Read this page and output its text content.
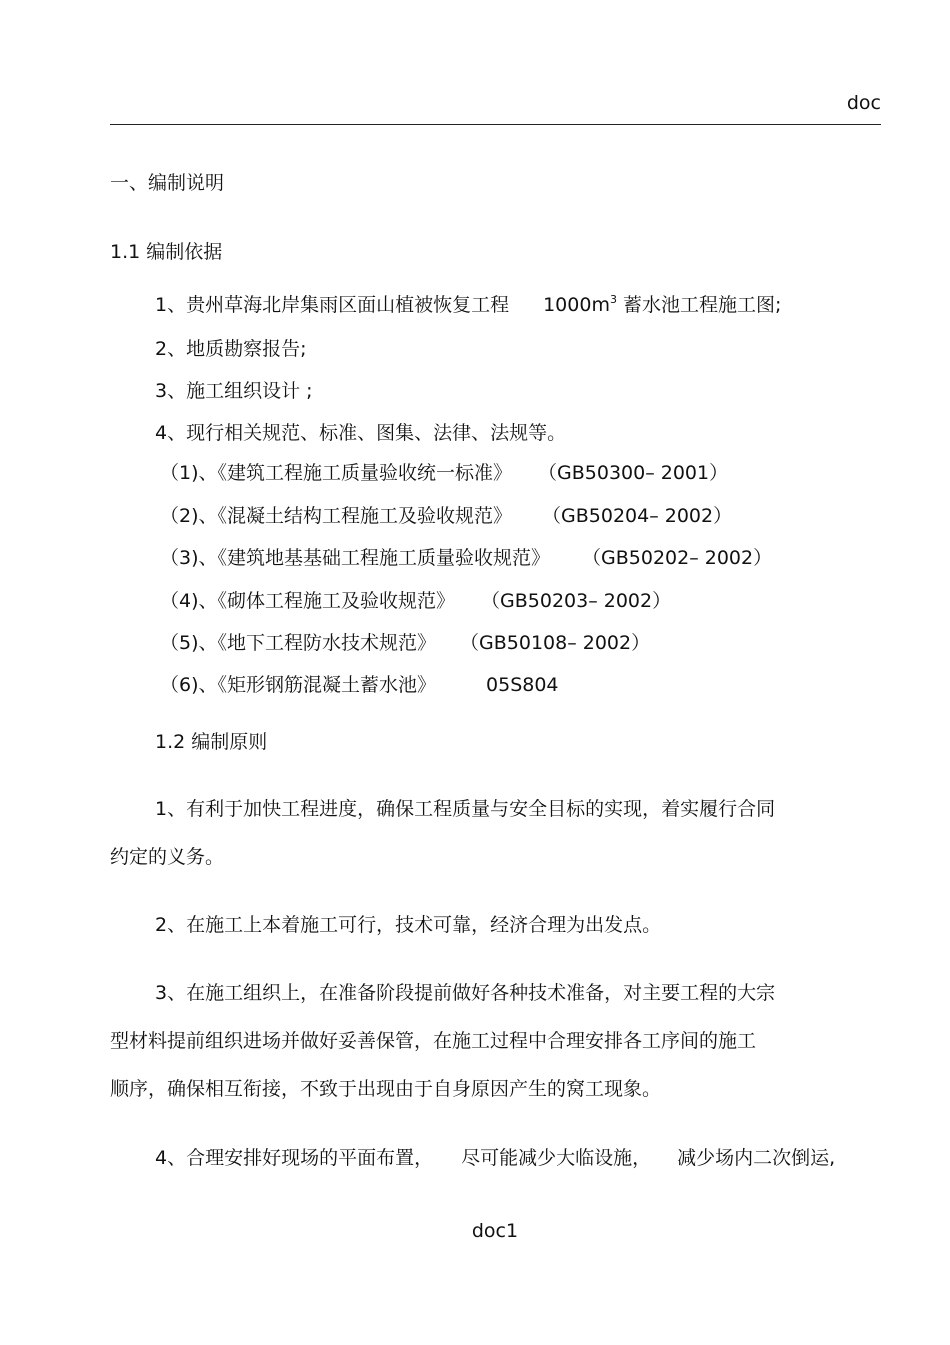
doc
一、编制说明
1.1 编制依据
1、贵州草海北岸集雨区面山植被恢复工程 $1000m^3$ 蓄水池工程施工图;
2、地质勘察报告;
3、施工组织设计 ;
4、现行相关规范、标准、图集、法律、法规等。
（1)、《建筑工程施工质量验收统一标准》 （GB50300– 2001）
（2)、《混凝土结构工程施工及验收规范》 （GB50204– 2002）
（3)、《建筑地基基础工程施工质量验收规范》 （GB50202– 2002）
（4)、《砌体工程施工及验收规范》 （GB50203– 2002）
（5)、《地下工程防水技术规范》 （GB50108– 2002）
（6)、《矩形钢筋混凝土蓄水池》	05S804
1.2 编制原则
1、有利于加快工程进度，确保工程质量与安全目标的实现，着实履行合同
约定的义务。
2、在施工上本着施工可行，技术可靠，经济合理为出发点。
3、在施工组织上，在准备阶段提前做好各种技术准备，对主要工程的大宗
型材料提前组织进场并做好妥善保管，在施工过程中合理安排各工序间的施工
顺序，确保相互衔接，不致于出现由于自身原因产生的窝工现象。
4、合理安排好现场的平面布置， 尽可能减少大临设施， 减少场内二次倒运,
doc1
